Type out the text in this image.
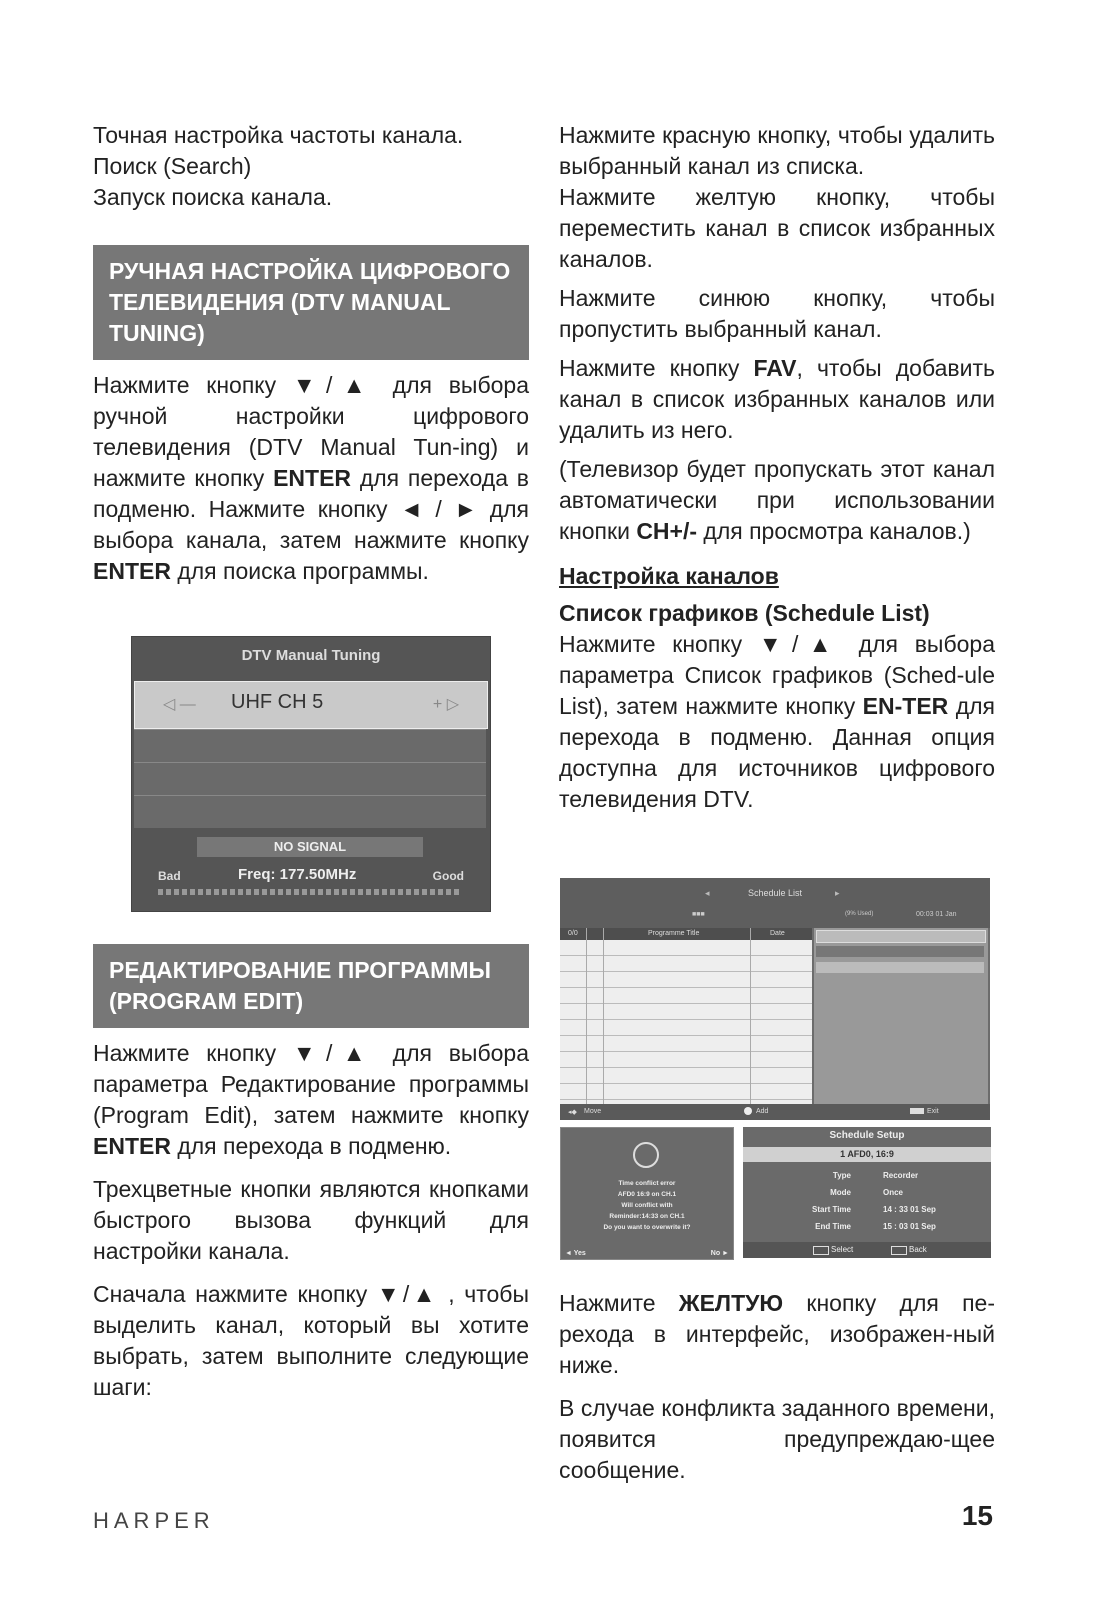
Точная настройка частоты канала.

Поиск (Search)

Запуск поиска канала.

РУЧНАЯ НАСТРОЙКА ЦИФРОВОГО ТЕЛЕВИДЕНИЯ (DTV MANUAL TUNING)

Нажмите кнопку ▼/▲ для выбора ручной настройки цифрового телевидения (DTV Manual Tun-ing) и нажмите кнопку ENTER для перехода в подменю. Нажмите кнопку ◄ / ► для выбора канала, затем нажмите кнопку ENTER для поиска программы.

DTV Manual Tuning
◁ — UHF CH 5	+ ▷
NO SIGNAL
Bad	Freq: 177.50MHz	Good
РЕДАКТИРОВАНИЕ ПРОГРАММЫ (PROGRAM EDIT)

Нажмите кнопку ▼/▲ для выбора параметра Редактирование программы (Program Edit), затем нажмите кнопку ENTER для перехода в подменю.

Трехцветные кнопки являются кнопками быстрого вызова функций для настройки канала.

Сначала нажмите кнопку ▼/▲ , чтобы выделить канал, который вы хотите выбрать, затем выполните следующие шаги:

Нажмите красную кнопку, чтобы удалить выбранный канал из списка.

Нажмите желтую кнопку, чтобы переместить канал в список избранных каналов.

Нажмите синюю кнопку, чтобы пропустить выбранный канал.

Нажмите кнопку FAV, чтобы добавить канал в список избранных каналов или удалить из него.

(Телевизор будет пропускать этот канал автоматически при использовании кнопки CH+/- для просмотра каналов.)

Настройка каналов

Список графиков (Schedule List)

Нажмите кнопку ▼/▲ для выбора параметра Список графиков (Sched-ule List), затем нажмите кнопку EN-TER для перехода в подменю. Данная опция доступна для источников цифрового телевидения DTV.

◂	Schedule List	▸
■■■	(9% Used)	00:03 01 Jan
0/0	Programme Title	Date
◂◆ Move	Add	Exit
Time conflict error
AFD0 16:9 on CH.1
Will conflict with
Reminder:14:33 on CH.1
Do you want to overwrite it?
◄ Yes	No ►
Schedule Setup
1 AFD0, 16:9
Type	Recorder
Mode	Once
Start Time	14 : 33 01 Sep
End Time	15 : 03 01 Sep
Select	Back

Нажмите ЖЕЛТУЮ кнопку для пе-рехода в интерфейс, изображен-ный ниже.

В случае конфликта заданного времени, появится предупреждаю-щее сообщение.

HARPER	15
